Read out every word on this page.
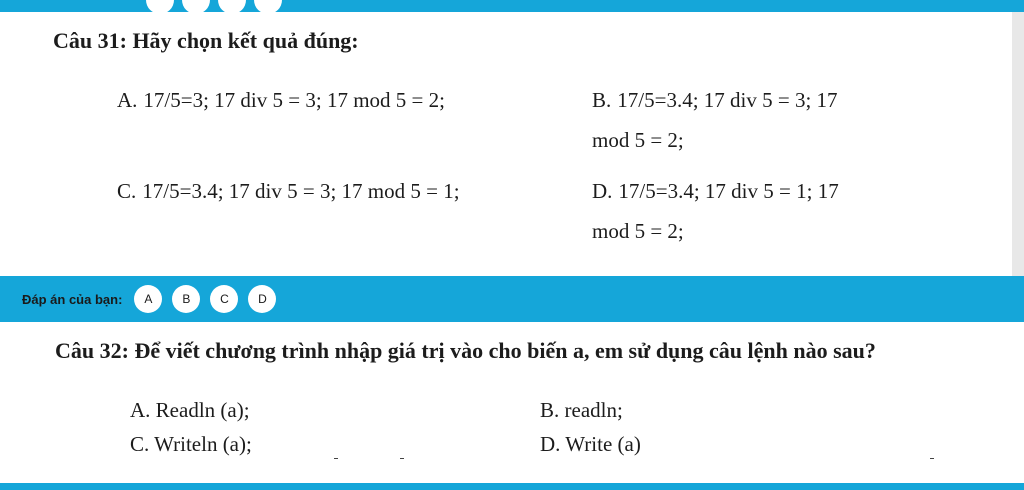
Câu 31: Hãy chọn kết quả đúng:
A. 17/5=3; 17 div 5 = 3; 17 mod 5 = 2;	B. 17/5=3.4; 17 div 5 = 3; 17
mod 5 = 2;
C. 17/5=3.4; 17 div 5 = 3; 17 mod 5 = 1;	D. 17/5=3.4; 17 div 5 = 1; 17
mod 5 = 2;
Đáp án của bạn:	A	B	C	D
Câu 32: Để viết chương trình nhập giá trị vào cho biến a, em sử dụng câu lệnh nào sau?
A. Readln (a);	B. readln;
C. Writeln (a);	D. Write (a)
